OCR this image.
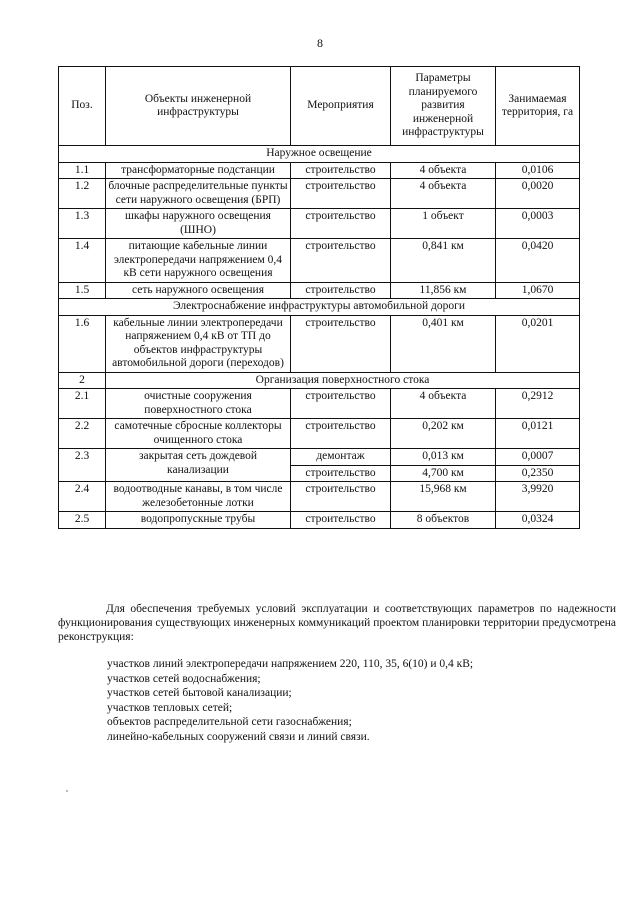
8
Поз.	Объекты инженерной инфраструктуры	Мероприятия	Параметры планируемого развития инженерной инфраструктуры	Занимаемая территория, га
Наружное освещение				
1.1	трансформаторные подстанции	строительство	4 объекта	0,0106
1.2	блочные распределительные пункты сети наружного освещения (БРП)	строительство	4 объекта	0,0020
1.3	шкафы наружного освещения (ШНО)	строительство	1 объект	0,0003
1.4	питающие кабельные линии электропередачи напряжением 0,4 кВ сети наружного освещения	строительство	0,841 км	0,0420
1.5	сеть наружного освещения	строительство	11,856 км	1,0670
Электроснабжение инфраструктуры автомобильной дороги				
1.6	кабельные линии электропередачи напряжением 0,4 кВ от ТП до объектов инфраструктуры автомобильной дороги (переходов)	строительство	0,401 км	0,0201
2	Организация поверхностного стока			
2.1	очистные сооружения поверхностного стока	строительство	4 объекта	0,2912
2.2	самотечные сбросные коллекторы очищенного стока	строительство	0,202 км	0,0121
2.3	закрытая сеть дождевой канализации	демонтаж	0,013 км	0,0007
		строительство	4,700 км	0,2350
2.4	водоотводные канавы, в том числе железобетонные лотки	строительство	15,968 км	3,9920
2.5	водопропускные трубы	строительство	8 объектов	0,0324

Для обеспечения требуемых условий эксплуатации и соответствующих параметров по надежности функционирования существующих инженерных коммуникаций проектом планировки территории предусмотрена реконструкция:

участков линий электропередачи напряжением 220, 110, 35, 6(10) и 0,4 кВ;
участков сетей водоснабжения;
участков сетей бытовой канализации;
участков тепловых сетей;
объектов распределительной сети газоснабжения;
линейно-кабельных сооружений связи и линий связи.
